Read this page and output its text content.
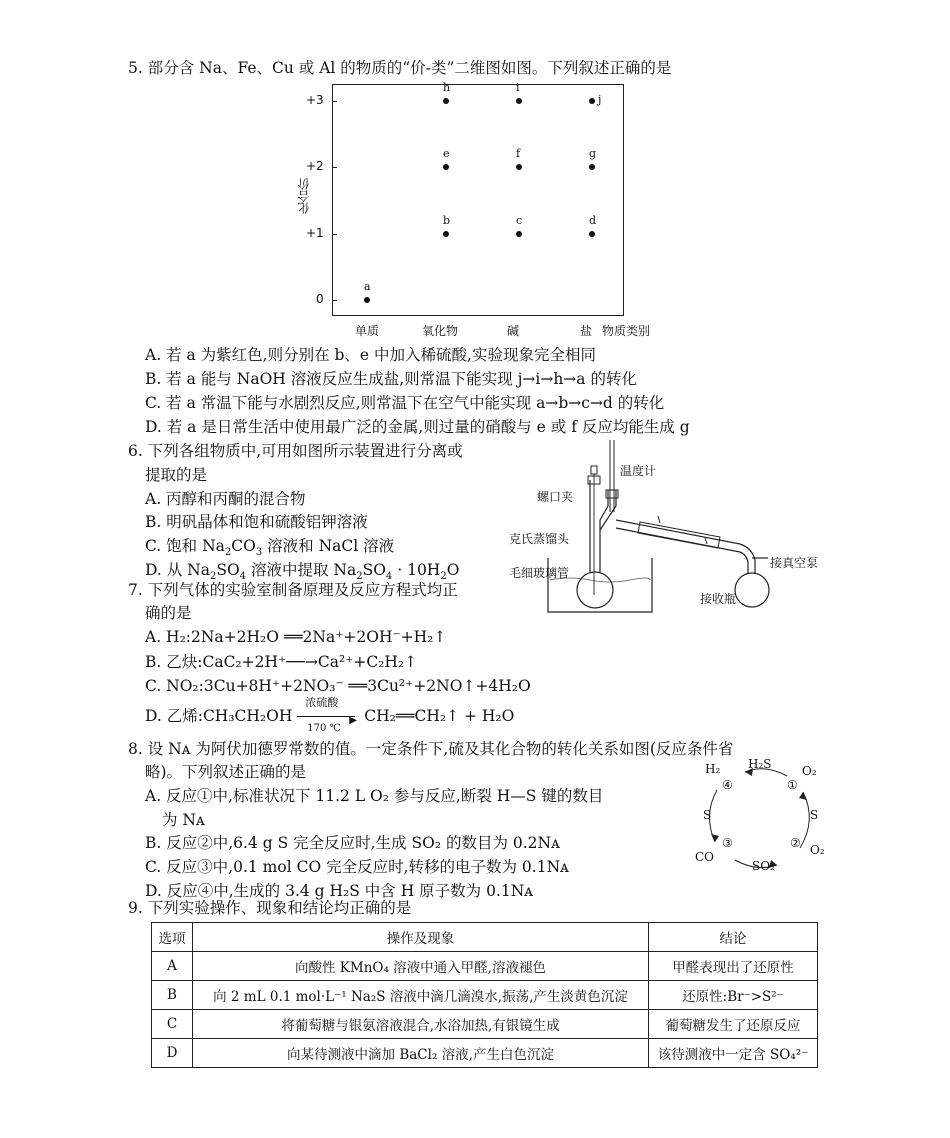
5. 部分含 Na、Fe、Cu 或 Al 的物质的“价-类”二维图如图。下列叙述正确的是
化合价
+3
+2
+1
0
单质	氧化物	碱	盐 物质类别
a
b	c	d
e	f	g
h	i
j
A. 若 a 为紫红色,则分别在 b、e 中加入稀硫酸,实验现象完全相同
B. 若 a 能与 NaOH 溶液反应生成盐,则常温下能实现 j→i→h→a 的转化
C. 若 a 常温下能与水剧烈反应,则常温下在空气中能实现 a→b→c→d 的转化
D. 若 a 是日常生活中使用最广泛的金属,则过量的硝酸与 e 或 f 反应均能生成 g
6. 下列各组物质中,可用如图所示装置进行分离或
提取的是
A. 丙醇和丙酮的混合物
B. 明矾晶体和饱和硫酸铝钾溶液
C. 饱和 $Na_2CO_3$ 溶液和 NaCl 溶液
D. 从 $Na_2SO_4$ 溶液中提取 $Na_2SO_4 \cdot 10H_2O$
温度计
螺口夹
克氏蒸馏头
毛细玻璃管
接真空泵
接收瓶
7. 下列气体的实验室制备原理及反应方程式均正
确的是
A. H₂:2Na+2H₂O ══2Na⁺+2OH⁻+H₂↑
B. 乙炔:CaC₂+2H⁺──→Ca²⁺+C₂H₂↑
C. NO₂:3Cu+8H⁺+2NO₃⁻ ══3Cu²⁺+2NO↑+4H₂O
D. 乙烯:CH₃CH₂OH
浓硫酸
▶
170 ℃
CH₂══CH₂↑ + H₂O
8. 设 Nᴀ 为阿伏加德罗常数的值。一定条件下,硫及其化合物的转化关系如图(反应条件省
略)。下列叙述正确的是
A. 反应①中,标准状况下 11.2 L O₂ 参与反应,断裂 H—S 键的数目
为 Nᴀ
B. 反应②中,6.4 g S 完全反应时,生成 SO₂ 的数目为 0.2Nᴀ
C. 反应③中,0.1 mol CO 完全反应时,转移的电子数为 0.1Nᴀ
D. 反应④中,生成的 3.4 g H₂S 中含 H 原子数为 0.1Nᴀ
H₂ H₂S	O₂
④	①
S	S
③	② O₂
CO
SO₂
9. 下列实验操作、现象和结论均正确的是
选项	操作及现象	结论
A	向酸性 KMnO₄ 溶液中通入甲醛,溶液褪色	甲醛表现出了还原性
B	向 2 mL 0.1 mol·L⁻¹ Na₂S 溶液中滴几滴溴水,振荡,产生淡黄色沉淀	还原性:Br⁻>S²⁻
C	将葡萄糖与银氨溶液混合,水浴加热,有银镜生成	葡萄糖发生了还原反应
D	向某待测液中滴加 BaCl₂ 溶液,产生白色沉淀	该待测液中一定含 SO₄²⁻
